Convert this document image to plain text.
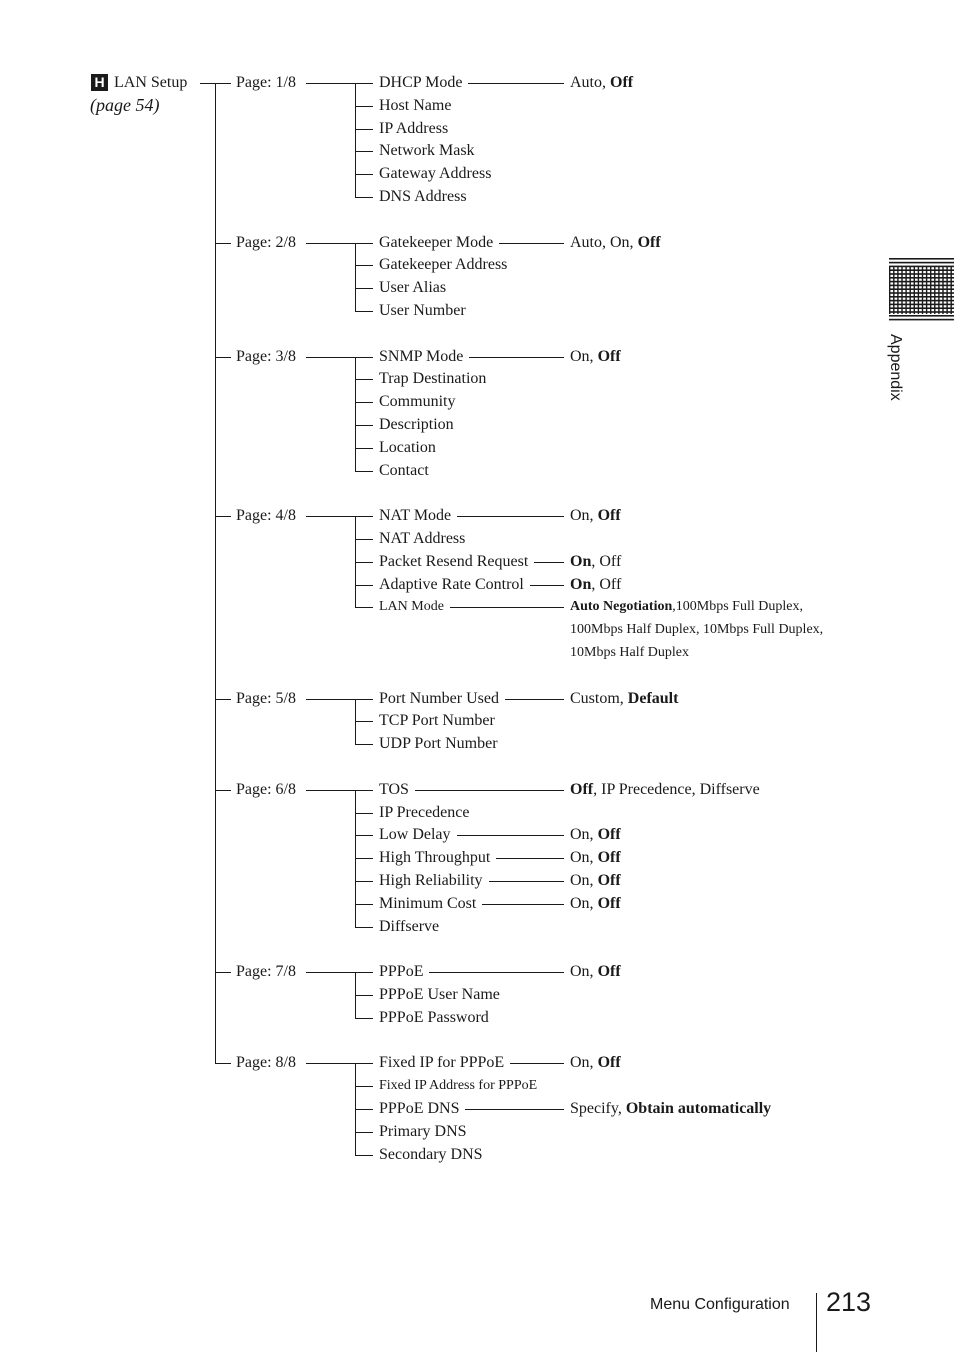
H LAN Setup
(page 54)
Page: 1/8	DHCP Mode	Auto, Off
Host Name
IP Address
Network Mask
Gateway Address
DNS Address
Page: 2/8	Gatekeeper Mode	Auto, On, Off
Gatekeeper Address
User Alias
User Number
Page: 3/8	SNMP Mode	On, Off
Trap Destination
Community
Description
Location
Contact
Page: 4/8	NAT Mode	On, Off
NAT Address
Packet Resend Request	On, Off
Adaptive Rate Control	On, Off
LAN Mode	Auto Negotiation,100Mbps Full Duplex,
100Mbps Half Duplex, 10Mbps Full Duplex,
10Mbps Half Duplex
Page: 5/8	Port Number Used	Custom, Default
TCP Port Number
UDP Port Number
Page: 6/8	TOS	Off, IP Precedence, Diffserve
IP Precedence
Low Delay	On, Off
High Throughput	On, Off
High Reliability	On, Off
Minimum Cost	On, Off
Diffserve
Page: 7/8	PPPoE	On, Off
PPPoE User Name
PPPoE Password
Page: 8/8	Fixed IP for PPPoE	On, Off
Fixed IP Address for PPPoE
PPPoE DNS	Specify, Obtain automatically
Primary DNS
Secondary DNS
Appendix
Menu Configuration 213
